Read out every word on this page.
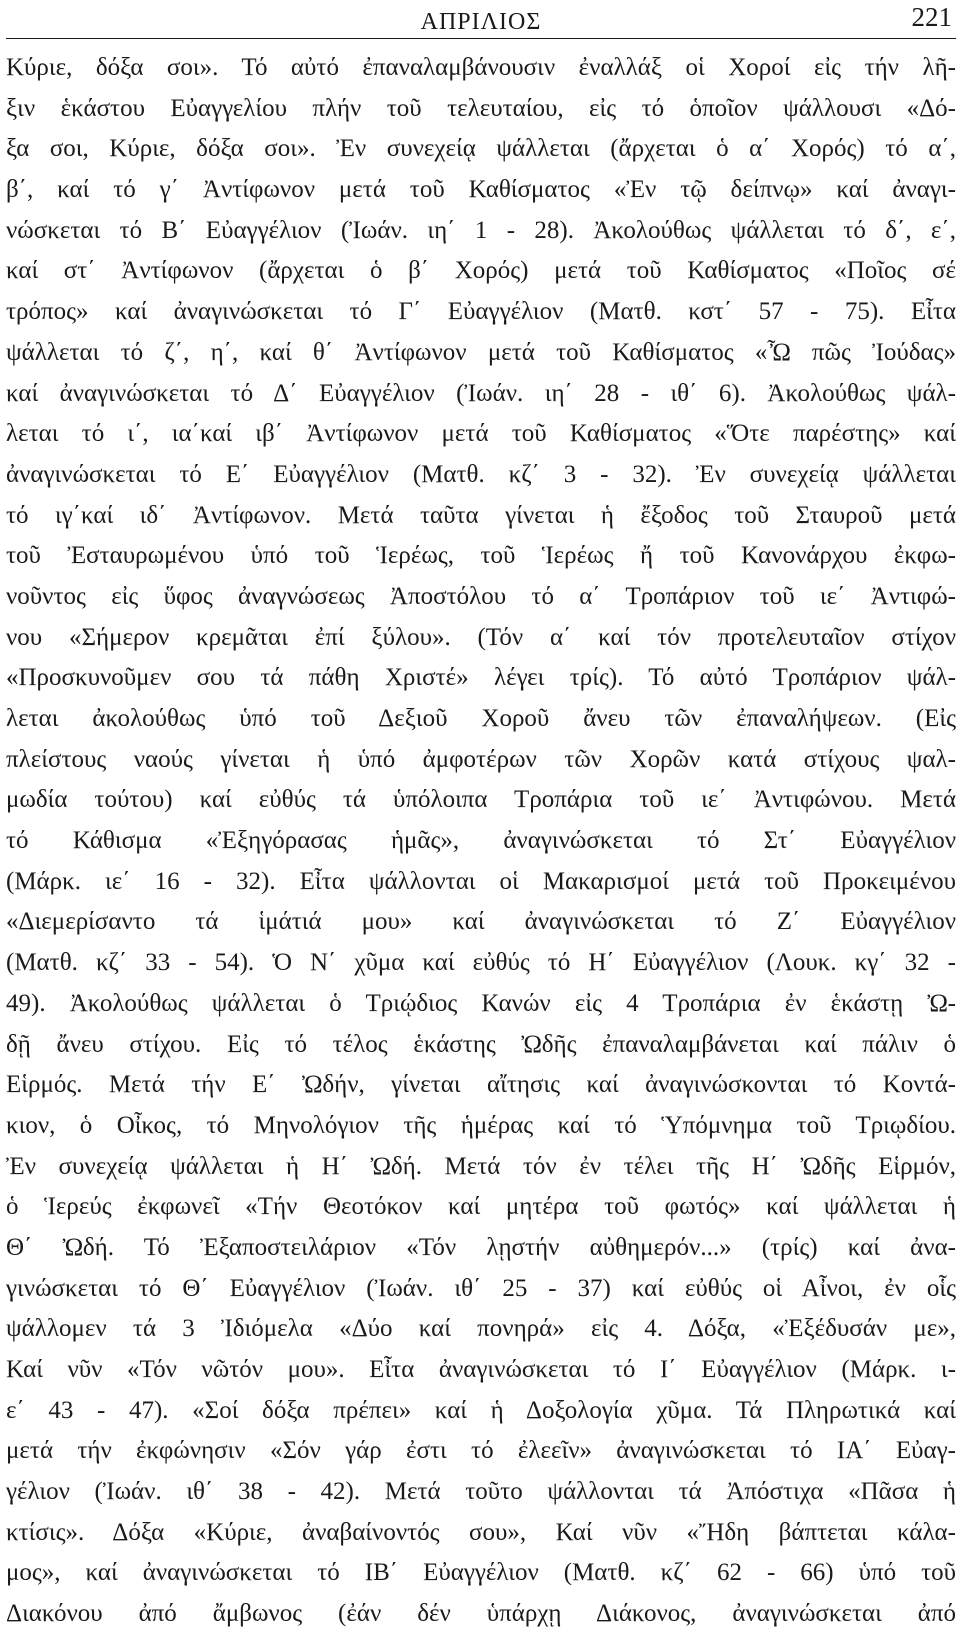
ΑΠΡΙΛΙΟΣ	221
Κύριε, δόξα σοι». Τό αὐτό ἐπαναλαμβάνουσιν ἐναλλάξ οἱ Χοροί εἰς τήν λῆ-
ξιν ἑκάστου Εὐαγγελίου πλήν τοῦ τελευταίου, εἰς τό ὁποῖον ψάλλουσι «Δό-
ξα σοι, Κύριε, δόξα σοι». Ἐν συνεχείᾳ ψάλλεται (ἄρχεται ὁ α΄ Χορός) τό α΄,
β΄, καί τό γ΄ Ἀντίφωνον μετά τοῦ Καθίσματος «Ἐν τῷ δείπνῳ» καί ἀναγι-
νώσκεται τό Β΄ Εὐαγγέλιον (Ἰωάν. ιη΄ 1 - 28). Ἀκολούθως ψάλλεται τό δ΄, ε΄,
καί στ΄ Ἀντίφωνον (ἄρχεται ὁ β΄ Χορός) μετά τοῦ Καθίσματος «Ποῖος σέ
τρόπος» καί ἀναγινώσκεται τό Γ΄ Εὐαγγέλιον (Ματθ. κστ΄ 57 - 75). Εἶτα
ψάλλεται τό ζ΄, η΄, καί θ΄ Ἀντίφωνον μετά τοῦ Καθίσματος «Ὦ πῶς Ἰούδας»
καί ἀναγινώσκεται τό Δ΄ Εὐαγγέλιον (Ἰωάν. ιη΄ 28 - ιθ΄ 6). Ἀκολούθως ψάλ-
λεται τό ι΄, ια΄καί ιβ΄ Ἀντίφωνον μετά τοῦ Καθίσματος «Ὅτε παρέστης» καί
ἀναγινώσκεται τό Ε΄ Εὐαγγέλιον (Ματθ. κζ΄ 3 - 32). Ἐν συνεχείᾳ ψάλλεται
τό ιγ΄καί ιδ΄ Ἀντίφωνον. Μετά ταῦτα γίνεται ἡ ἔξοδος τοῦ Σταυροῦ μετά
τοῦ Ἐσταυρωμένου ὑπό τοῦ Ἱερέως, τοῦ Ἱερέως ἤ τοῦ Κανονάρχου ἐκφω-
νοῦντος εἰς ὕφος ἀναγνώσεως Ἀποστόλου τό α΄ Τροπάριον τοῦ ιε΄ Ἀντιφώ-
νου «Σήμερον κρεμᾶται ἐπί ξύλου». (Τόν α΄ καί τόν προτελευταῖον στίχον
«Προσκυνοῦμεν σου τά πάθη Χριστέ» λέγει τρίς). Τό αὐτό Τροπάριον ψάλ-
λεται ἀκολούθως ὑπό τοῦ Δεξιοῦ Χοροῦ ἄνευ τῶν ἐπαναλήψεων. (Εἰς
πλείστους ναούς γίνεται ἡ ὑπό ἀμφοτέρων τῶν Χορῶν κατά στίχους ψαλ-
μωδία τούτου) καί εὐθύς τά ὑπόλοιπα Τροπάρια τοῦ ιε΄ Ἀντιφώνου. Μετά
τό Κάθισμα «Ἐξηγόρασας ἡμᾶς», ἀναγινώσκεται τό Στ΄ Εὐαγγέλιον
(Μάρκ. ιε΄ 16 - 32). Εἶτα ψάλλονται οἱ Μακαρισμοί μετά τοῦ Προκειμένου
«Διεμερίσαντο τά ἱμάτιά μου» καί ἀναγινώσκεται τό Ζ΄ Εὐαγγέλιον
(Ματθ. κζ΄ 33 - 54). Ὁ Ν΄ χῦμα καί εὐθύς τό Η΄ Εὐαγγέλιον (Λουκ. κγ΄ 32 -
49). Ἀκολούθως ψάλλεται ὁ Τριῴδιος Κανών εἰς 4 Τροπάρια ἐν ἑκάστῃ Ὠ-
δῇ ἄνευ στίχου. Εἰς τό τέλος ἑκάστης Ὠδῆς ἐπαναλαμβάνεται καί πάλιν ὁ
Εἱρμός. Μετά τήν Ε΄ Ὠδήν, γίνεται αἴτησις καί ἀναγινώσκονται τό Κοντά-
κιον, ὁ Οἶκος, τό Μηνολόγιον τῆς ἡμέρας καί τό Ὑπόμνημα τοῦ Τριῳδίου.
Ἐν συνεχείᾳ ψάλλεται ἡ Η΄ Ὠδή. Μετά τόν ἐν τέλει τῆς Η΄ Ὠδῆς Εἱρμόν,
ὁ Ἱερεύς ἐκφωνεῖ «Τήν Θεοτόκον καί μητέρα τοῦ φωτός» καί ψάλλεται ἡ
Θ΄ Ὠδή. Τό Ἐξαποστειλάριον «Τόν λῃστήν αὐθημερόν...» (τρίς) καί ἀνα-
γινώσκεται τό Θ΄ Εὐαγγέλιον (Ἰωάν. ιθ΄ 25 - 37) καί εὐθύς οἱ Αἶνοι, ἐν οἷς
ψάλλομεν τά 3 Ἰδιόμελα «Δύο καί πονηρά» εἰς 4. Δόξα, «Ἐξέδυσάν με»,
Καί νῦν «Τόν νῶτόν μου». Εἶτα ἀναγινώσκεται τό Ι΄ Εὐαγγέλιον (Μάρκ. ι-
ε΄ 43 - 47). «Σοί δόξα πρέπει» καί ἡ Δοξολογία χῦμα. Τά Πληρωτικά καί
μετά τήν ἐκφώνησιν «Σόν γάρ ἐστι τό ἐλεεῖν» ἀναγινώσκεται τό ΙΑ΄ Εὐαγ-
γέλιον (Ἰωάν. ιθ΄ 38 - 42). Μετά τοῦτο ψάλλονται τά Ἀπόστιχα «Πᾶσα ἡ
κτίσις». Δόξα «Κύριε, ἀναβαίνοντός σου», Καί νῦν «Ἤδη βάπτεται κάλα-
μος», καί ἀναγινώσκεται τό ΙΒ΄ Εὐαγγέλιον (Ματθ. κζ΄ 62 - 66) ὑπό τοῦ
Διακόνου ἀπό ἄμβωνος (ἐάν δέν ὑπάρχῃ Διάκονος, ἀναγινώσκεται ἀπό
